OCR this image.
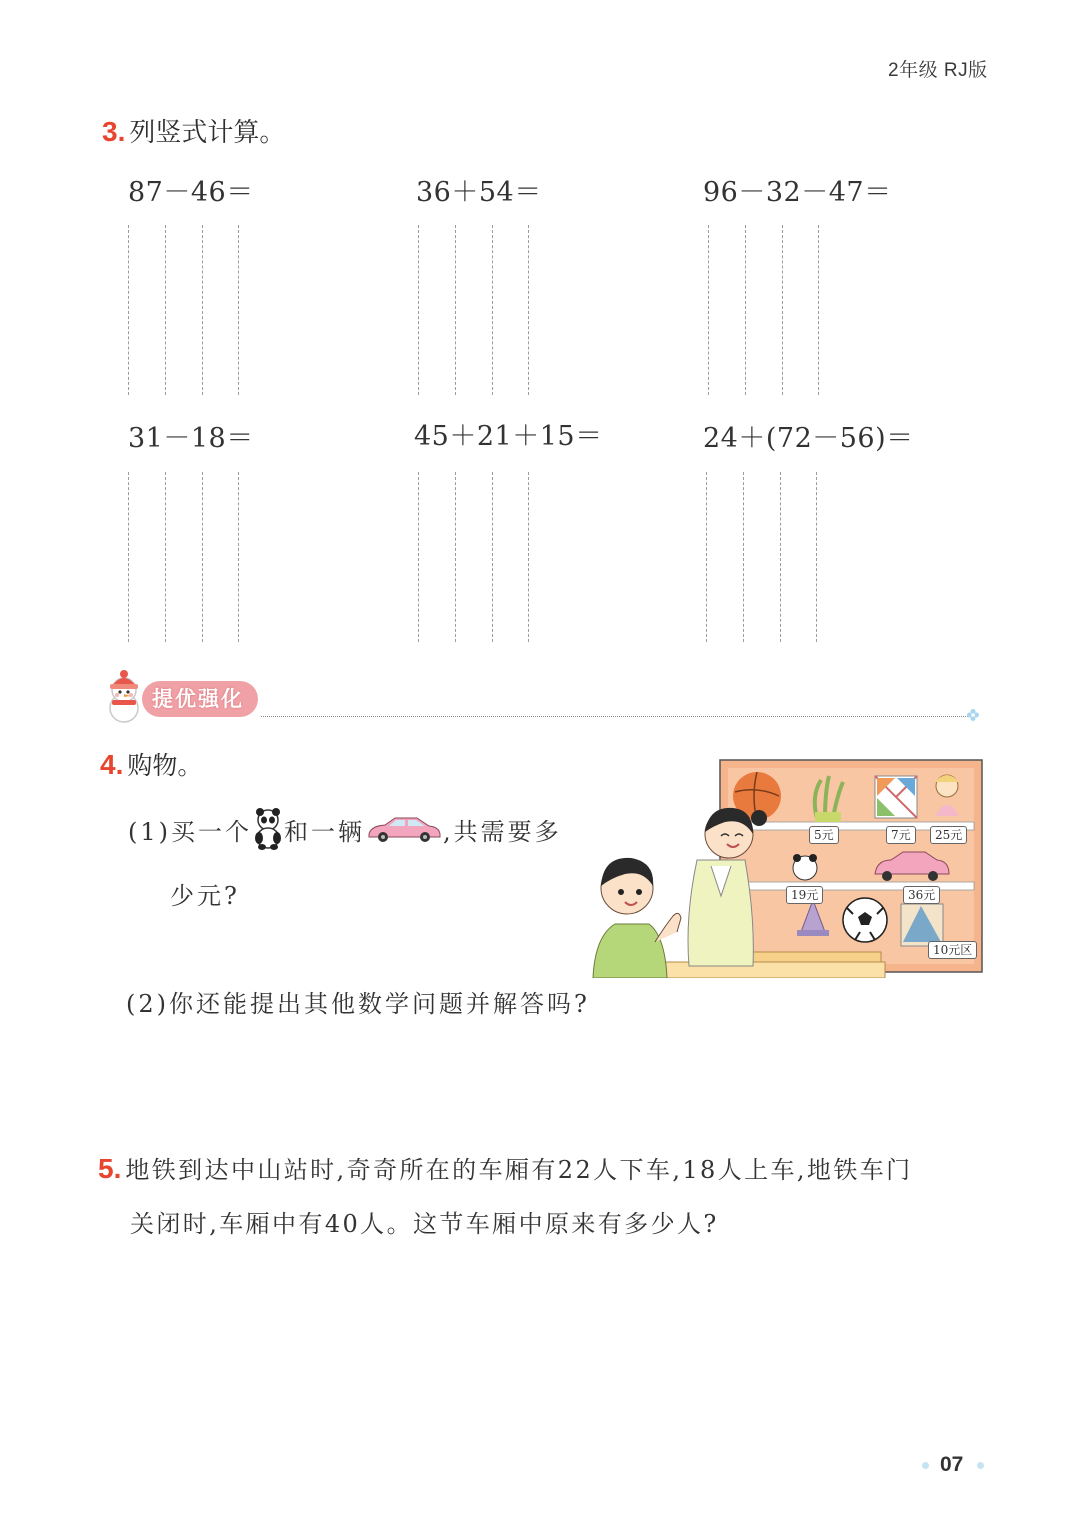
2年级 RJ版
3. 列竖式计算。
87－46＝	36＋54＝	96－32－47＝
31－18＝	45＋21＋15＝	24＋(72－56)＝
提优强化
4. 购物。
(1)买一个 和一辆	,共需要多
少元?
5元	7元	25元
19元	36元
10元区
(2)你还能提出其他数学问题并解答吗?
5. 地铁到达中山站时,奇奇所在的车厢有22人下车,18人上车,地铁车门
关闭时,车厢中有40人。这节车厢中原来有多少人?
07
